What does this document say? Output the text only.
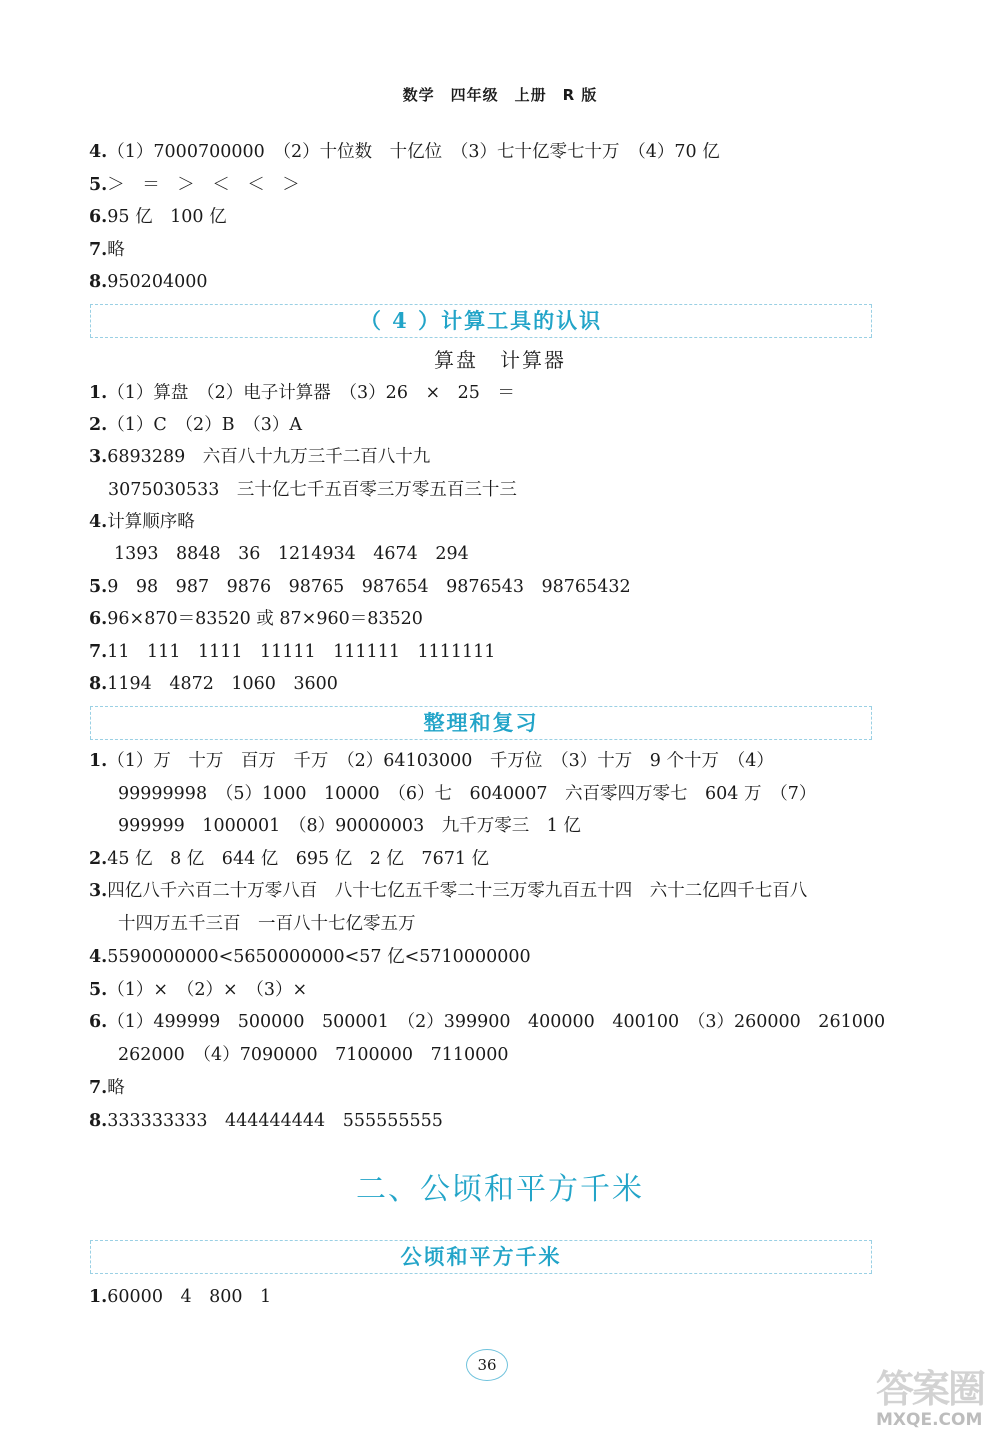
数学　四年级　上册　R 版
4.（1）7000700000　（2）十位数　十亿位　（3）七十亿零七十万　（4）70 亿
5.＞　＝　＞　＜　＜　＞
6.95 亿　100 亿
7.略
8.950204000
（ 4 ）计算工具的认识
算盘　计算器
1.（1）算盘　（2）电子计算器　（3）26　×　25　＝
2.（1）C　（2）B　（3）A
3.6893289　六百八十九万三千二百八十九
3075030533　三十亿七千五百零三万零五百三十三
4.计算顺序略
1393　8848　36　1214934　4674　294
5.9　98　987　9876　98765　987654　9876543　98765432
6.96×870＝83520 或 87×960＝83520
7.11　111　1111　11111　111111　1111111
8.1194　4872　1060　3600
整理和复习
1.（1）万　十万　百万　千万　（2）64103000　千万位　（3）十万　9 个十万　（4）
99999998　（5）1000　10000　（6）七　6040007　六百零四万零七　604 万　（7）
999999　1000001　（8）90000003　九千万零三　1 亿
2.45 亿　8 亿　644 亿　695 亿　2 亿　7671 亿
3.四亿八千六百二十万零八百　八十七亿五千零二十三万零九百五十四　六十二亿四千七百八
十四万五千三百　一百八十七亿零五万
4.5590000000<5650000000<57 亿<5710000000
5.（1）×　（2）×　（3）×
6.（1）499999　500000　500001　（2）399900　400000　400100　（3）260000　261000
262000　（4）7090000　7100000　7110000
7.略
8.333333333　444444444　555555555
二、公顷和平方千米
公顷和平方千米
1.60000　4　800　1
36
答案圈
MXQE.COM
